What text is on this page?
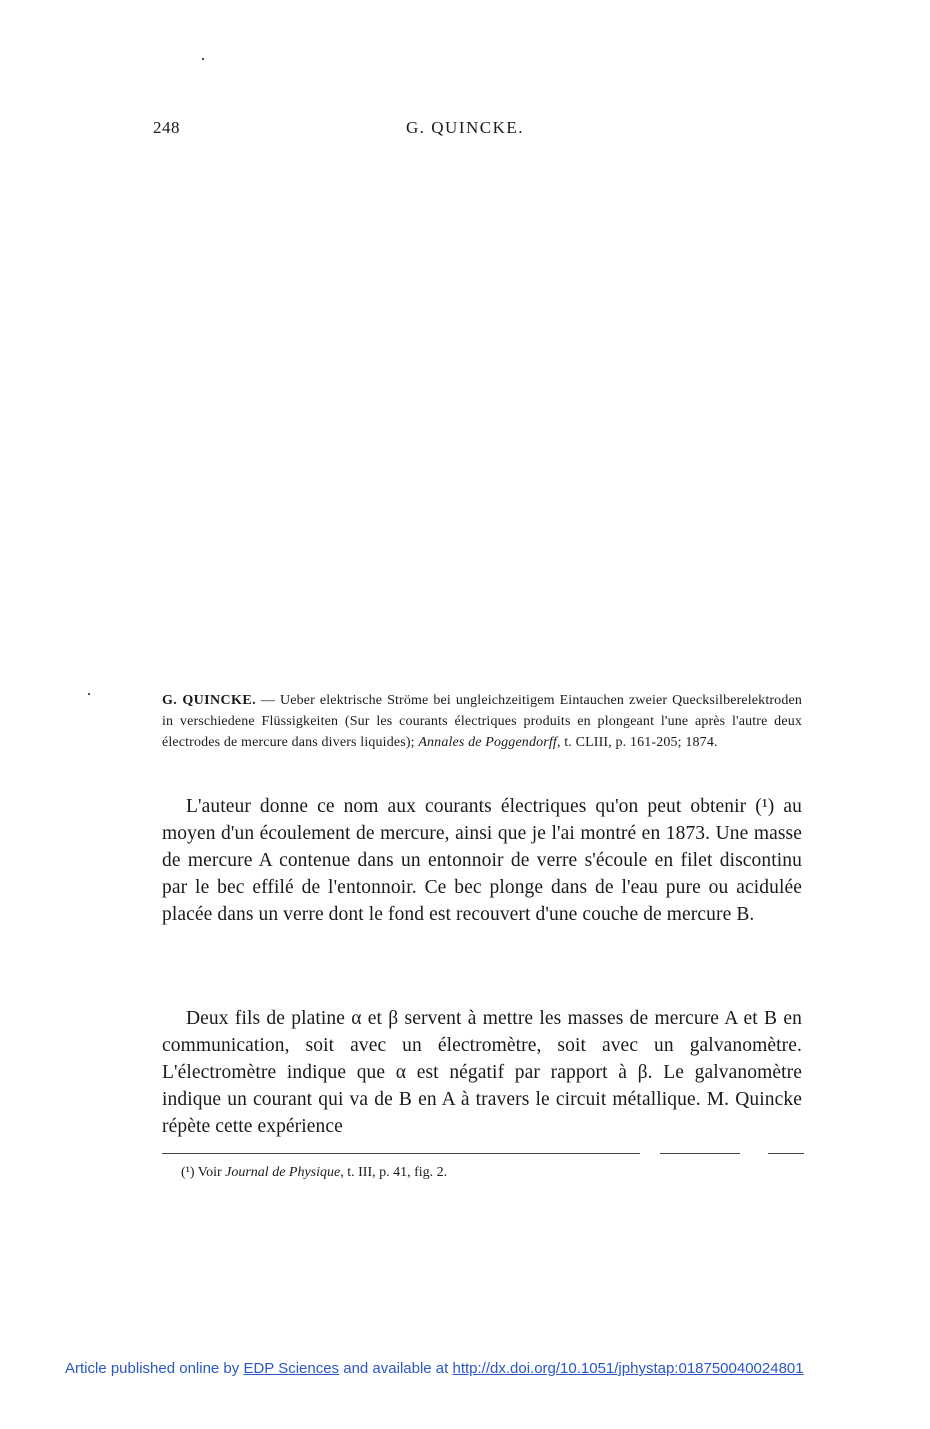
248	G. QUINCKE.
G. QUINCKE. — Ueber elektrische Ströme bei ungleichzeitigem Eintauchen zweier Quecksilberelektroden in verschiedene Flüssigkeiten (Sur les courants électriques produits en plongeant l'une après l'autre deux électrodes de mercure dans divers liquides); Annales de Poggendorff, t. CLIII, p. 161-205; 1874.

L'auteur donne ce nom aux courants électriques qu'on peut obtenir (¹) au moyen d'un écoulement de mercure, ainsi que je l'ai montré en 1873. Une masse de mercure A contenue dans un entonnoir de verre s'écoule en filet discontinu par le bec effilé de l'entonnoir. Ce bec plonge dans de l'eau pure ou acidulée placée dans un verre dont le fond est recouvert d'une couche de mercure B.

Deux fils de platine α et β servent à mettre les masses de mercure A et B en communication, soit avec un électromètre, soit avec un galvanomètre. L'électromètre indique que α est négatif par rapport à β. Le galvanomètre indique un courant qui va de B en A à travers le circuit métallique. M. Quincke répète cette expérience

(¹) Voir Journal de Physique, t. III, p. 41, fig. 2.
Article published online by EDP Sciences and available at http://dx.doi.org/10.1051/jphystap:018750040024801
